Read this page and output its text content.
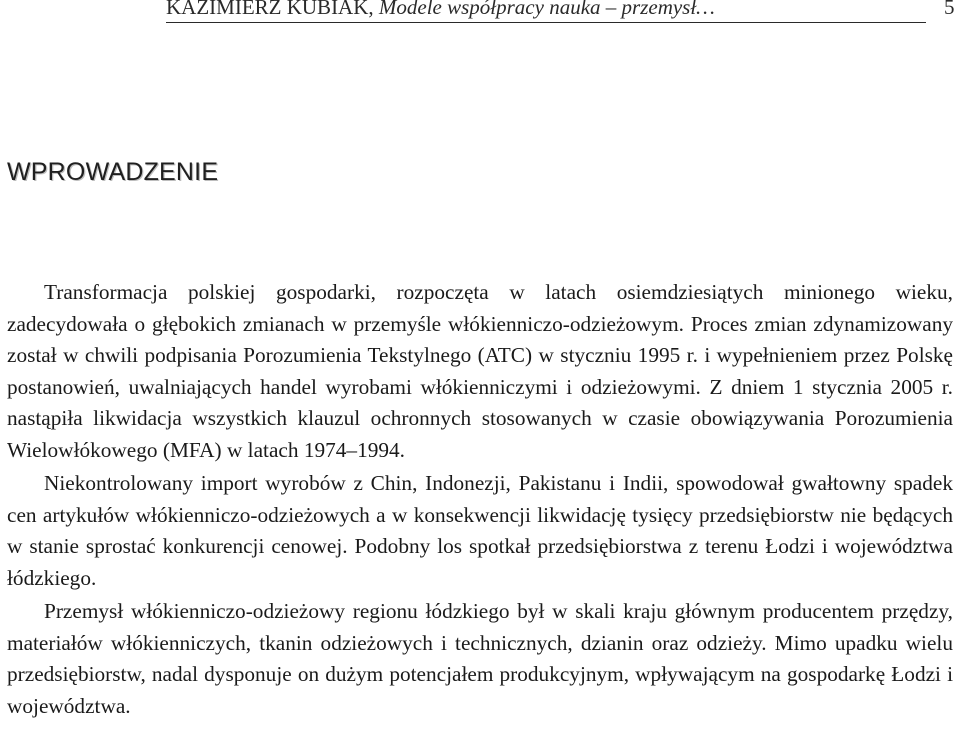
KAZIMIERZ KUBIAK, Modele współpracy nauka – przemysł…	5
WPROWADZENIE

Transformacja polskiej gospodarki, rozpoczęta w latach osiemdziesiątych minionego wieku, zadecydowała o głębokich zmianach w przemyśle włókienniczo-odzieżowym. Proces zmian zdynamizowany został w chwili podpisania Porozumienia Tekstylnego (ATC) w styczniu 1995 r. i wypełnieniem przez Polskę postanowień, uwalniających handel wyrobami włókienniczymi i odzieżowymi. Z dniem 1 stycznia 2005 r. nastąpiła likwidacja wszystkich klauzul ochronnych stosowanych w czasie obowiązywania Porozumienia Wielowłókowego (MFA) w latach 1974–1994.

Niekontrolowany import wyrobów z Chin, Indonezji, Pakistanu i Indii, spowodował gwałtowny spadek cen artykułów włókienniczo-odzieżowych a w konsekwencji likwidację tysięcy przedsiębiorstw nie będących w stanie sprostać konkurencji cenowej. Podobny los spotkał przedsiębiorstwa z terenu Łodzi i województwa łódzkiego.

Przemysł włókienniczo-odzieżowy regionu łódzkiego był w skali kraju głównym producentem przędzy, materiałów włókienniczych, tkanin odzieżowych i technicznych, dzianin oraz odzieży. Mimo upadku wielu przedsiębiorstw, nadal dysponuje on dużym potencjałem produkcyjnym, wpływającym na gospodarkę Łodzi i województwa.
